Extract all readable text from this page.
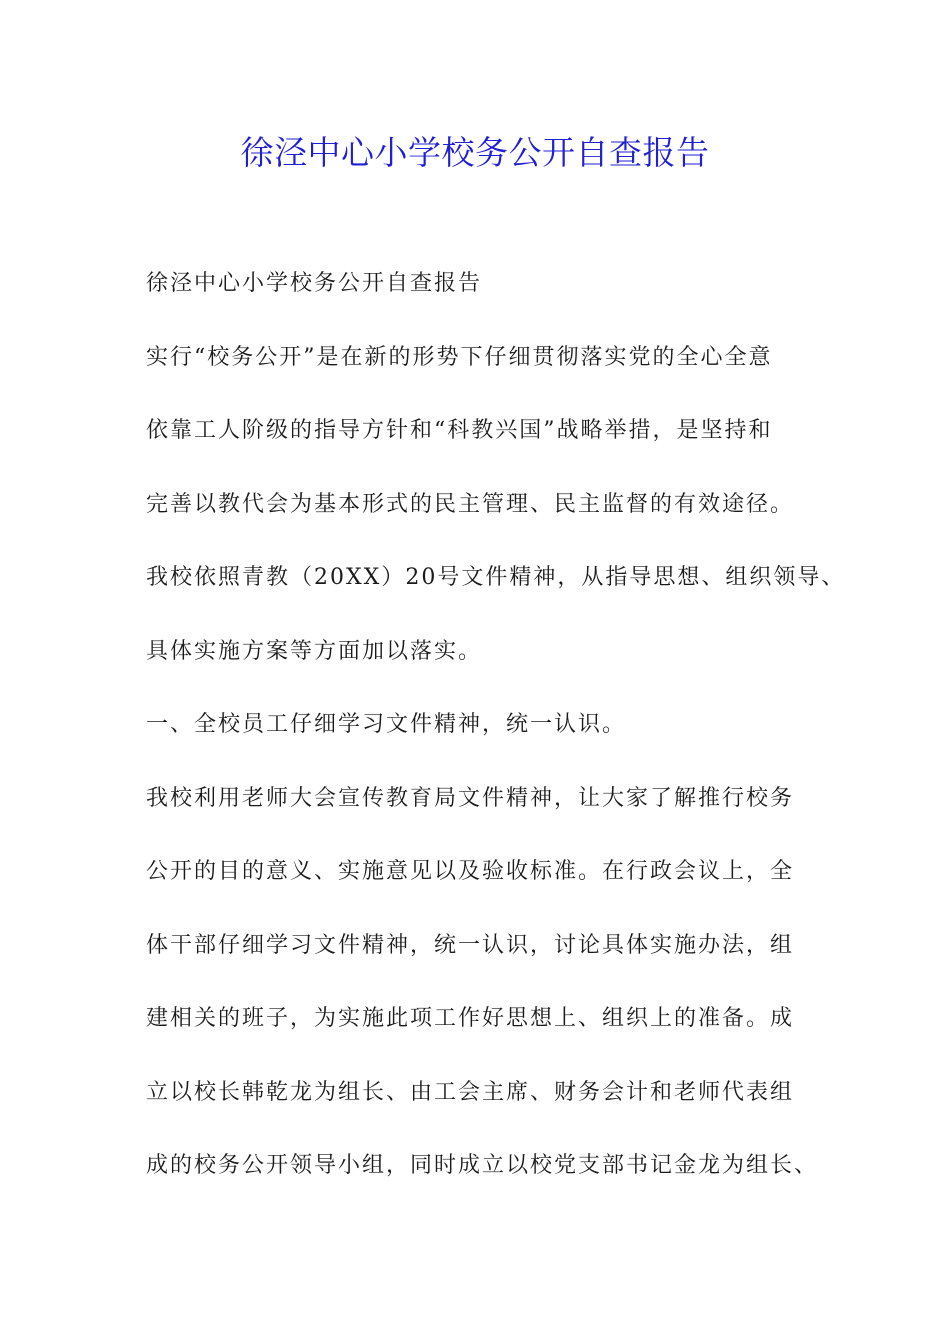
徐泾中心小学校务公开自查报告
徐泾中心小学校务公开自查报告
实行“校务公开”是在新的形势下仔细贯彻落实党的全心全意
依靠工人阶级的指导方针和“科教兴国”战略举措，是坚持和
完善以教代会为基本形式的民主管理、民主监督的有效途径。
我校依照青教（20XX）20号文件精神，从指导思想、组织领导、
具体实施方案等方面加以落实。
一、全校员工仔细学习文件精神，统一认识。
我校利用老师大会宣传教育局文件精神，让大家了解推行校务
公开的目的意义、实施意见以及验收标准。在行政会议上，全
体干部仔细学习文件精神，统一认识，讨论具体实施办法，组
建相关的班子，为实施此项工作好思想上、组织上的准备。成
立以校长韩乾龙为组长、由工会主席、财务会计和老师代表组
成的校务公开领导小组，同时成立以校党支部书记金龙为组长、
